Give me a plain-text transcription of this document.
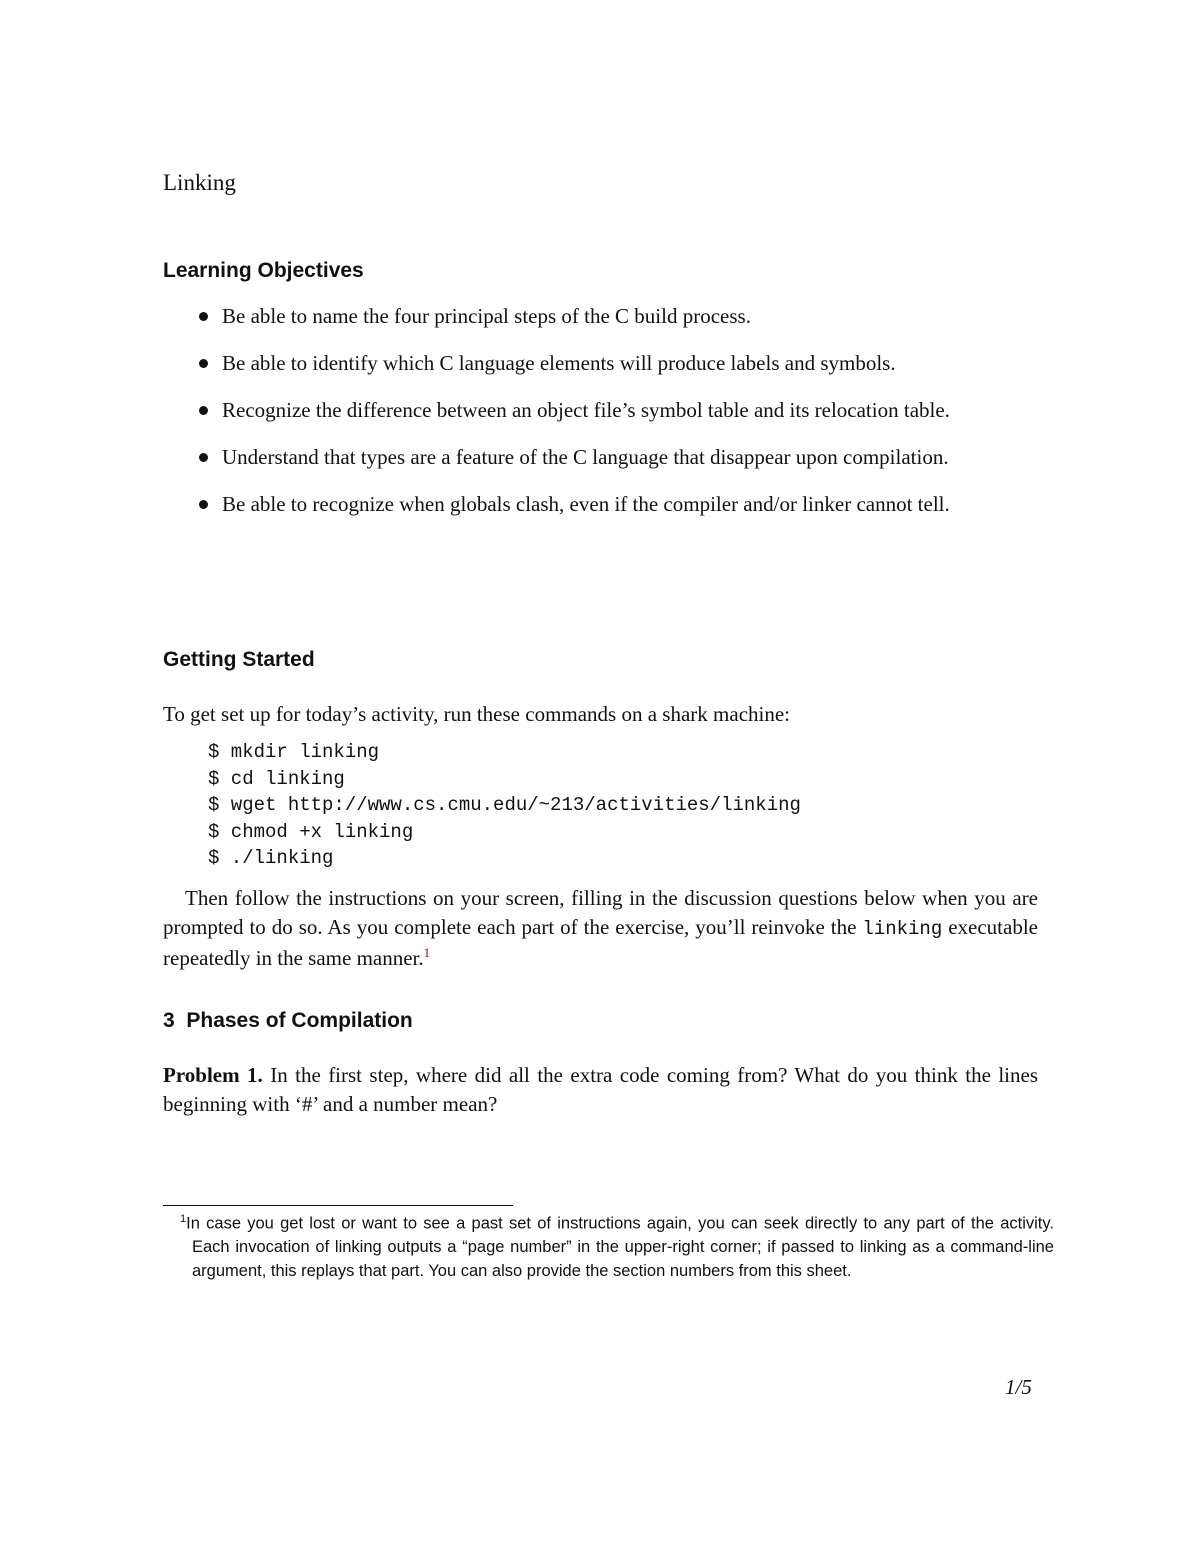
Linking
Learning Objectives
Be able to name the four principal steps of the C build process.
Be able to identify which C language elements will produce labels and symbols.
Recognize the difference between an object file’s symbol table and its relocation table.
Understand that types are a feature of the C language that disappear upon compilation.
Be able to recognize when globals clash, even if the compiler and/or linker cannot tell.
Getting Started
To get set up for today’s activity, run these commands on a shark machine:
$ mkdir linking
$ cd linking
$ wget http://www.cs.cmu.edu/~213/activities/linking
$ chmod +x linking
$ ./linking
Then follow the instructions on your screen, filling in the discussion questions below when you are prompted to do so. As you complete each part of the exercise, you’ll reinvoke the linking executable repeatedly in the same manner.$^1$
3 Phases of Compilation
Problem 1. In the first step, where did all the extra code coming from? What do you think the lines beginning with ‘#’ and a number mean?
$^1$In case you get lost or want to see a past set of instructions again, you can seek directly to any part of the activity. Each invocation of linking outputs a “page number” in the upper-right corner; if passed to linking as a command-line argument, this replays that part. You can also provide the section numbers from this sheet.
1/5
